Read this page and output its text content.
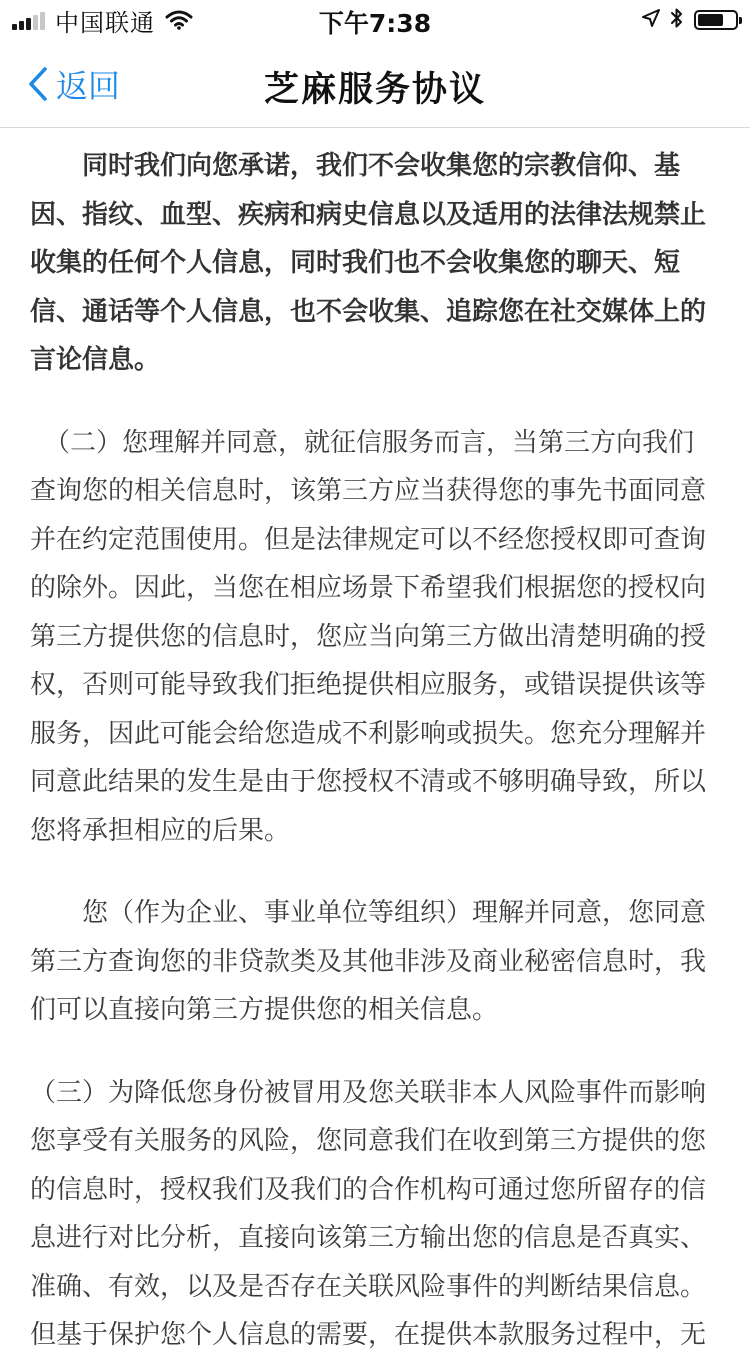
中国联通	下午7:38
返回	芝麻服务协议

同时我们向您承诺，我们不会收集您的宗教信仰、基因、指纹、血型、疾病和病史信息以及适用的法律法规禁止收集的任何个人信息，同时我们也不会收集您的聊天、短信、通话等个人信息，也不会收集、追踪您在社交媒体上的言论信息。

（二）您理解并同意，就征信服务而言，当第三方向我们查询您的相关信息时，该第三方应当获得您的事先书面同意并在约定范围使用。但是法律规定可以不经您授权即可查询的除外。因此，当您在相应场景下希望我们根据您的授权向第三方提供您的信息时，您应当向第三方做出清楚明确的授权，否则可能导致我们拒绝提供相应服务，或错误提供该等服务，因此可能会给您造成不利影响或损失。您充分理解并同意此结果的发生是由于您授权不清或不够明确导致，所以您将承担相应的后果。

您（作为企业、事业单位等组织）理解并同意，您同意第三方查询您的非贷款类及其他非涉及商业秘密信息时，我们可以直接向第三方提供您的相关信息。

（三）为降低您身份被冒用及您关联非本人风险事件而影响您享受有关服务的风险，您同意我们在收到第三方提供的您的信息时，授权我们及我们的合作机构可通过您所留存的信息进行对比分析，直接向该第三方输出您的信息是否真实、准确、有效，以及是否存在关联风险事件的判断结果信息。但基于保护您个人信息的需要，在提供本款服务过程中，无
